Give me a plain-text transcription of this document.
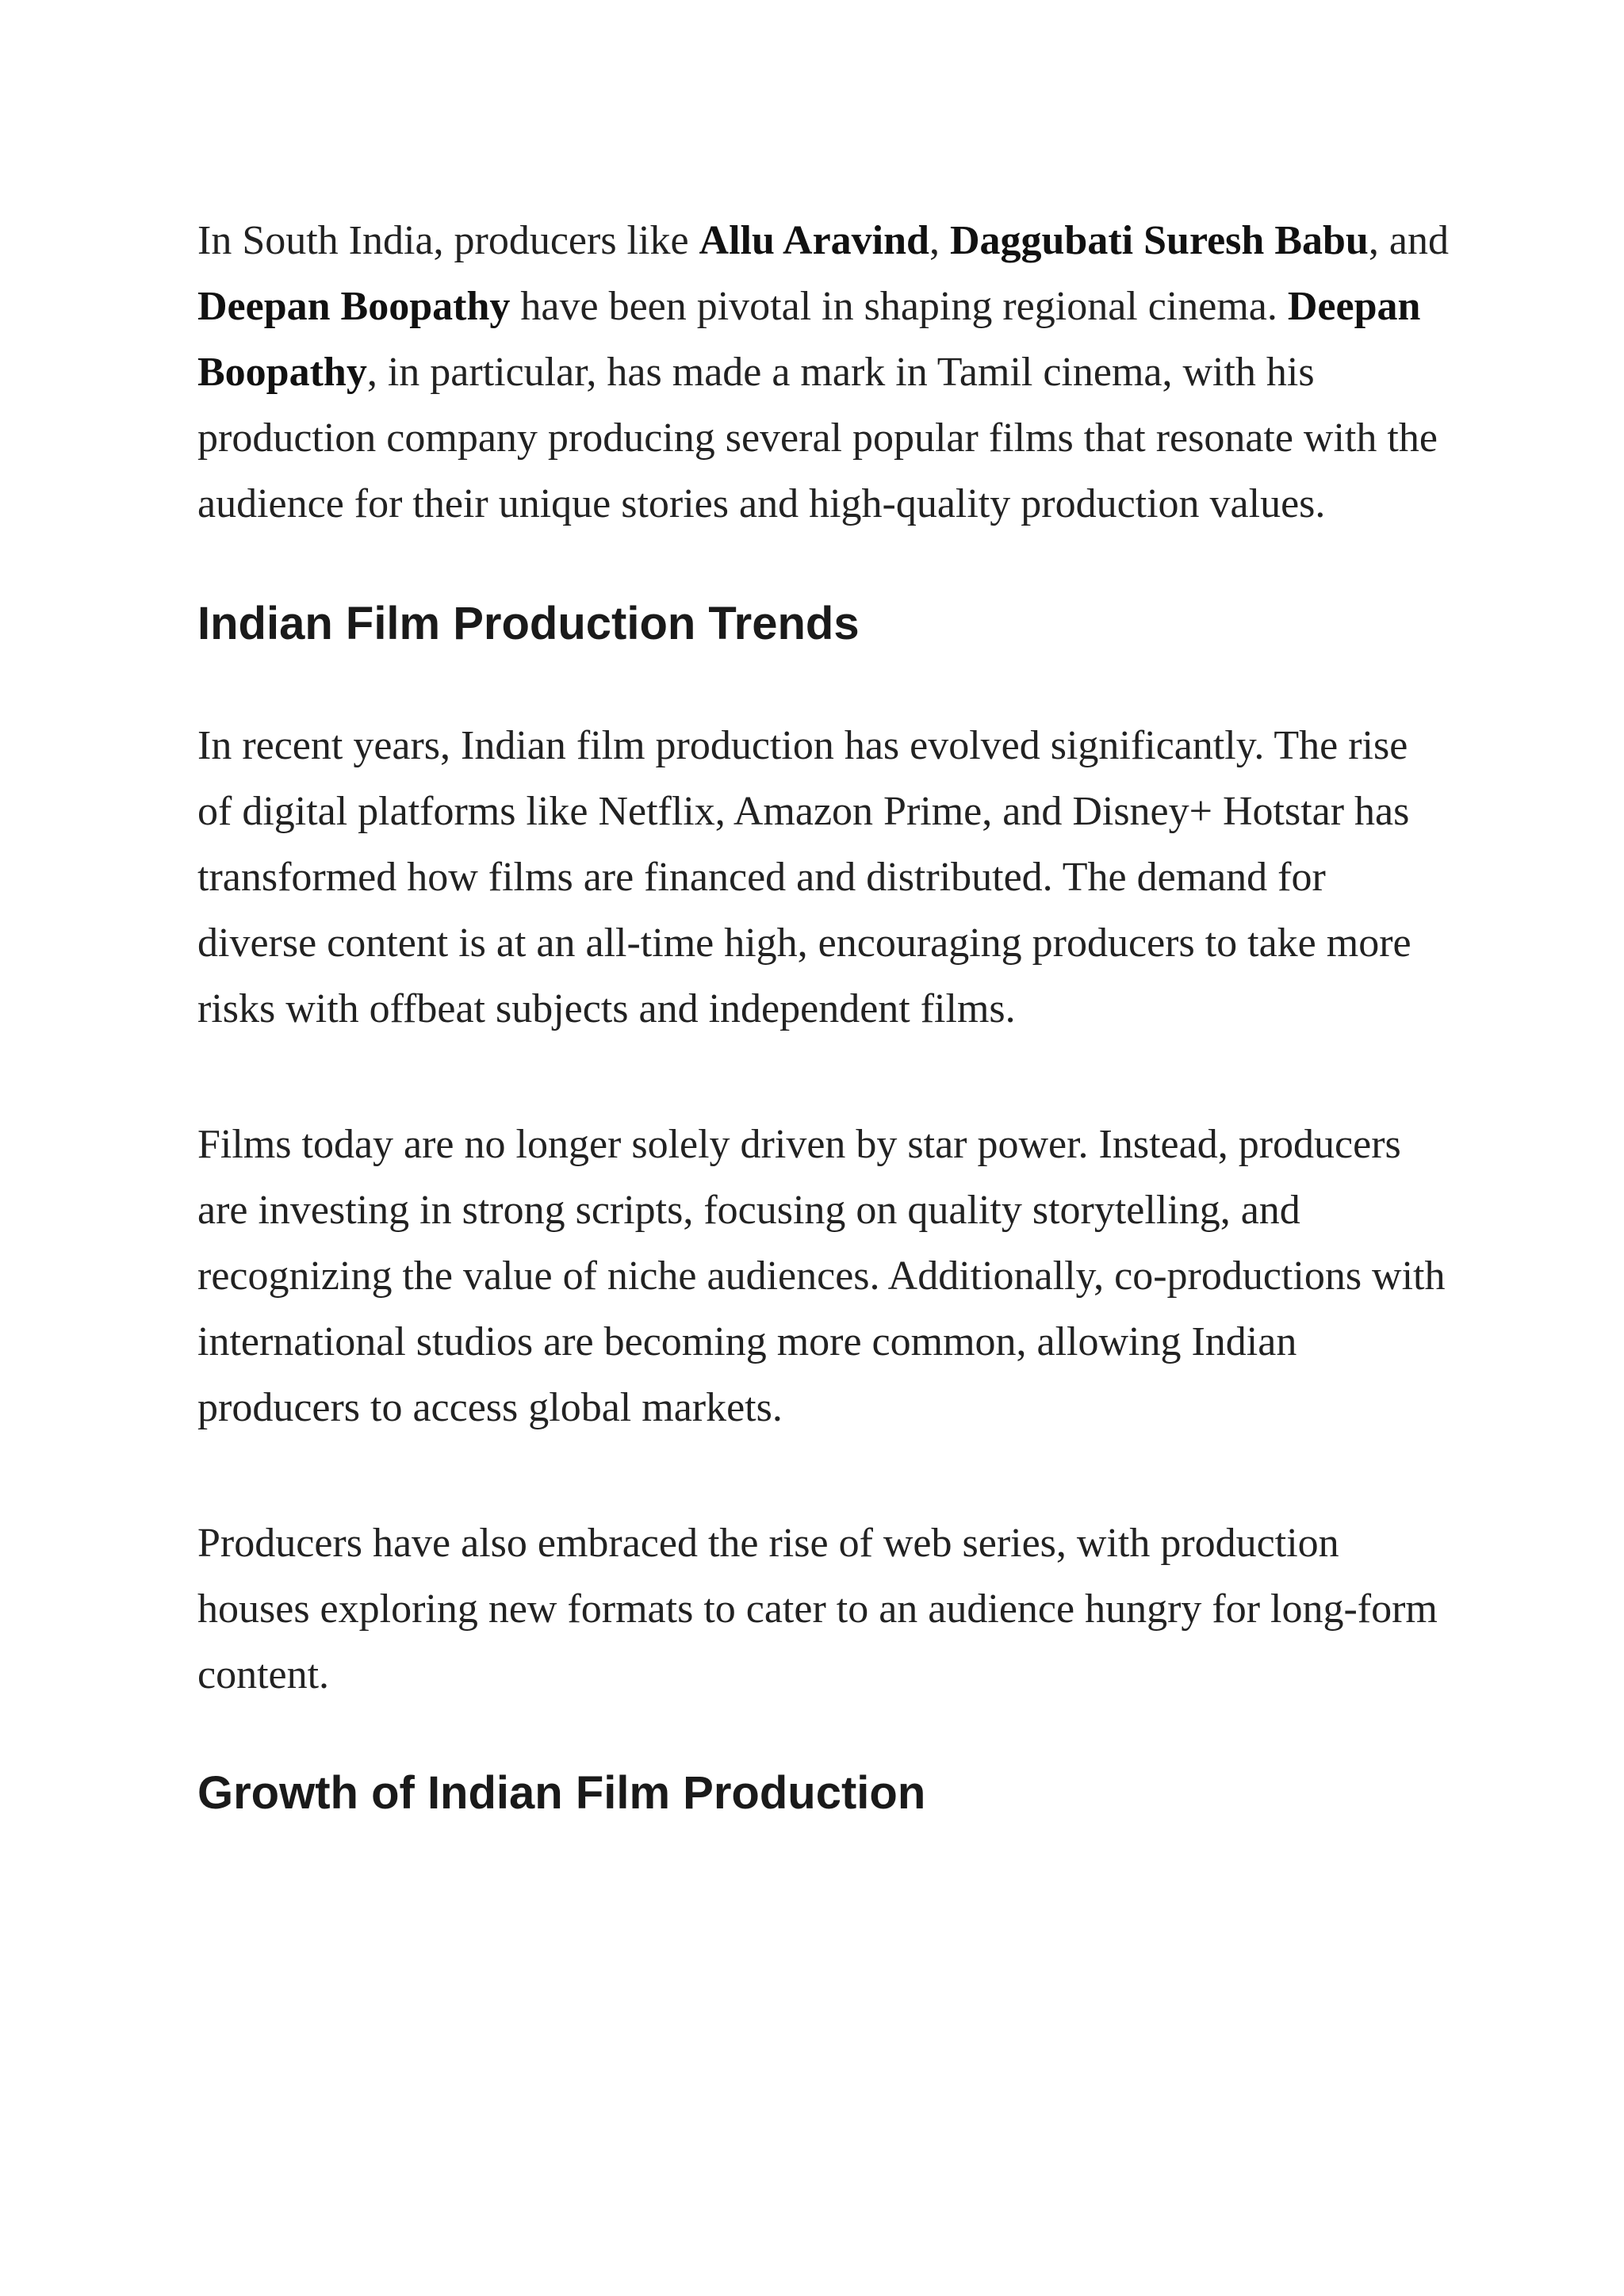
In South India, producers like Allu Aravind, Daggubati Suresh Babu, and Deepan Boopathy have been pivotal in shaping regional cinema. Deepan Boopathy, in particular, has made a mark in Tamil cinema, with his production company producing several popular films that resonate with the audience for their unique stories and high-quality production values.

Indian Film Production Trends

In recent years, Indian film production has evolved significantly. The rise of digital platforms like Netflix, Amazon Prime, and Disney+ Hotstar has transformed how films are financed and distributed. The demand for diverse content is at an all-time high, encouraging producers to take more risks with offbeat subjects and independent films.

Films today are no longer solely driven by star power. Instead, producers are investing in strong scripts, focusing on quality storytelling, and recognizing the value of niche audiences. Additionally, co-productions with international studios are becoming more common, allowing Indian producers to access global markets.

Producers have also embraced the rise of web series, with production houses exploring new formats to cater to an audience hungry for long-form content.

Growth of Indian Film Production
